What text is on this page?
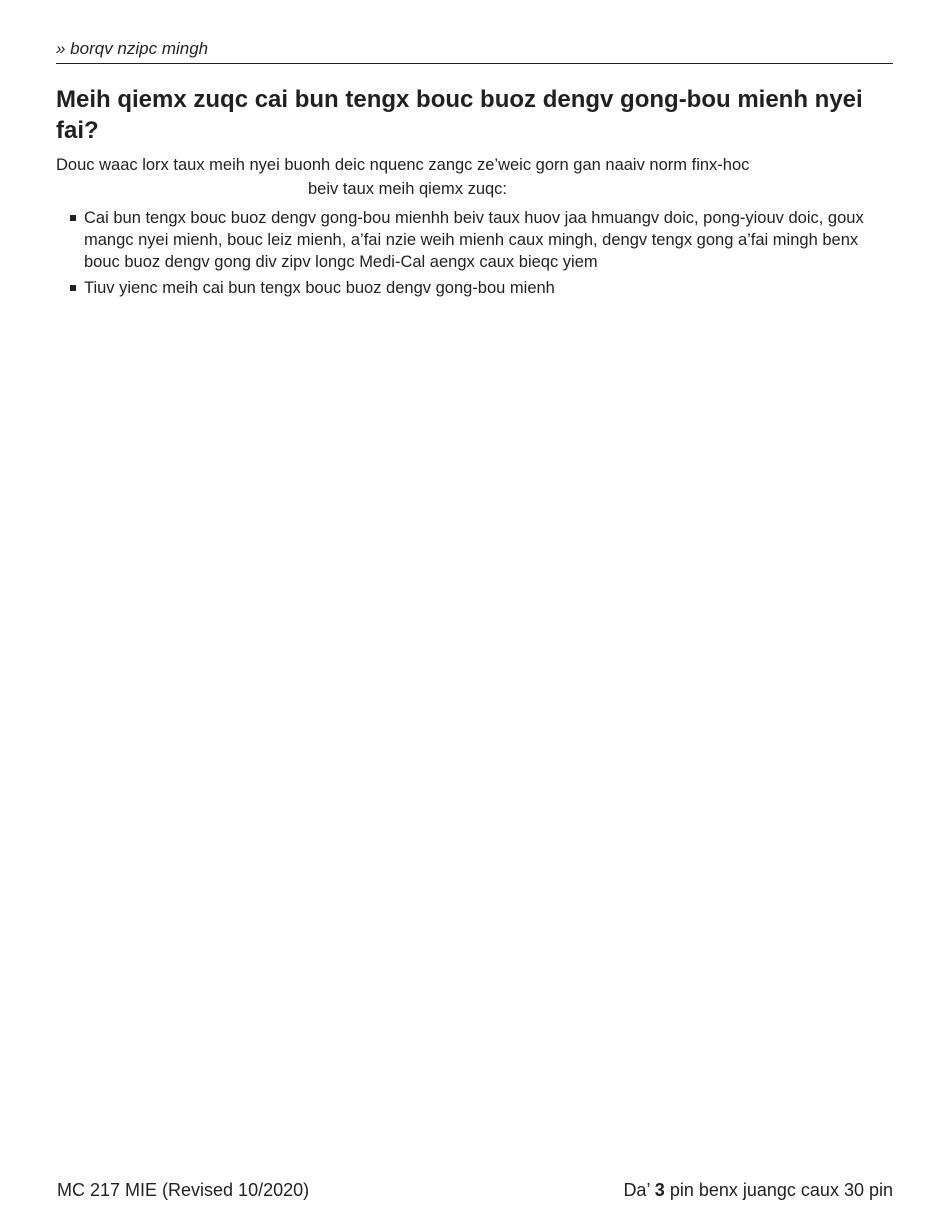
» borqv nzipc mingh
Meih qiemx zuqc cai bun tengx bouc buoz dengv gong-bou mienh nyei fai?

Douc waac lorx taux meih nyei buonh deic nquenc zangc ze’weic gorn gan naaiv norm finx-hoc
beiv taux meih qiemx zuqc:

Cai bun tengx bouc buoz dengv gong-bou mienhh beiv taux huov jaa hmuangv doic, pong-yiouv doic, goux mangc nyei mienh, bouc leiz mienh, a’fai nzie weih mienh caux mingh, dengv tengx gong a’fai mingh benx bouc buoz dengv gong div zipv longc Medi-Cal aengx caux bieqc yiem
Tiuv yienc meih cai bun tengx bouc buoz dengv gong-bou mienh
MC 217 MIE (Revised 10/2020)	Da’ 3 pin benx juangc caux 30 pin
